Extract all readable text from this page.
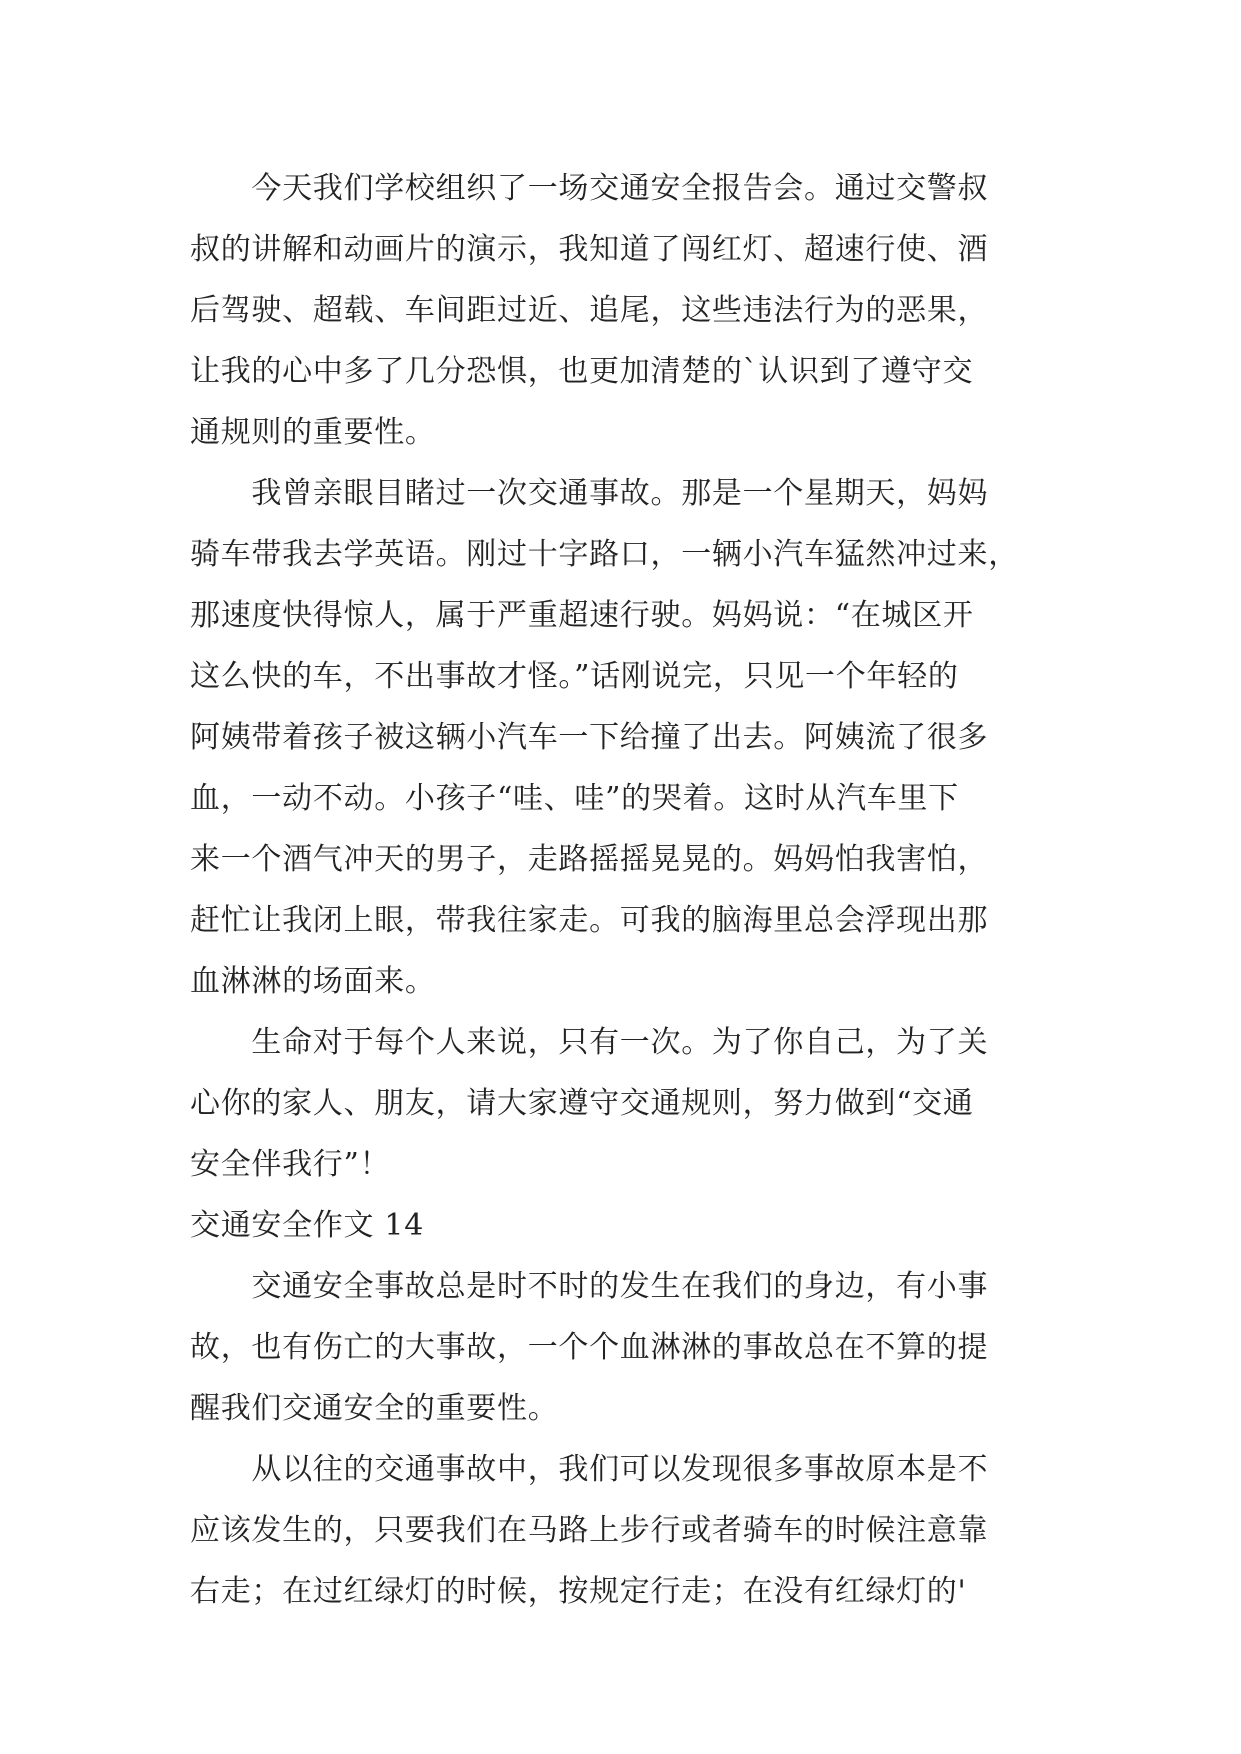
　　今天我们学校组织了一场交通安全报告会。通过交警叔
叔的讲解和动画片的演示，我知道了闯红灯、超速行使、酒
后驾驶、超载、车间距过近、追尾，这些违法行为的恶果，
让我的心中多了几分恐惧，也更加清楚的`认识到了遵守交
通规则的重要性。
　　我曾亲眼目睹过一次交通事故。那是一个星期天，妈妈
骑车带我去学英语。刚过十字路口，一辆小汽车猛然冲过来，
那速度快得惊人，属于严重超速行驶。妈妈说：“在城区开
这么快的车，不出事故才怪。”话刚说完，只见一个年轻的
阿姨带着孩子被这辆小汽车一下给撞了出去。阿姨流了很多
血，一动不动。小孩子“哇、哇”的哭着。这时从汽车里下
来一个酒气冲天的男子，走路摇摇晃晃的。妈妈怕我害怕，
赶忙让我闭上眼，带我往家走。可我的脑海里总会浮现出那
血淋淋的场面来。
　　生命对于每个人来说，只有一次。为了你自己，为了关
心你的家人、朋友，请大家遵守交通规则，努力做到“交通
安全伴我行”！
交通安全作文 14
　　交通安全事故总是时不时的发生在我们的身边，有小事
故，也有伤亡的大事故，一个个血淋淋的事故总在不算的提
醒我们交通安全的重要性。
　　从以往的交通事故中，我们可以发现很多事故原本是不
应该发生的，只要我们在马路上步行或者骑车的时候注意靠
右走；在过红绿灯的时候，按规定行走；在没有红绿灯的'
